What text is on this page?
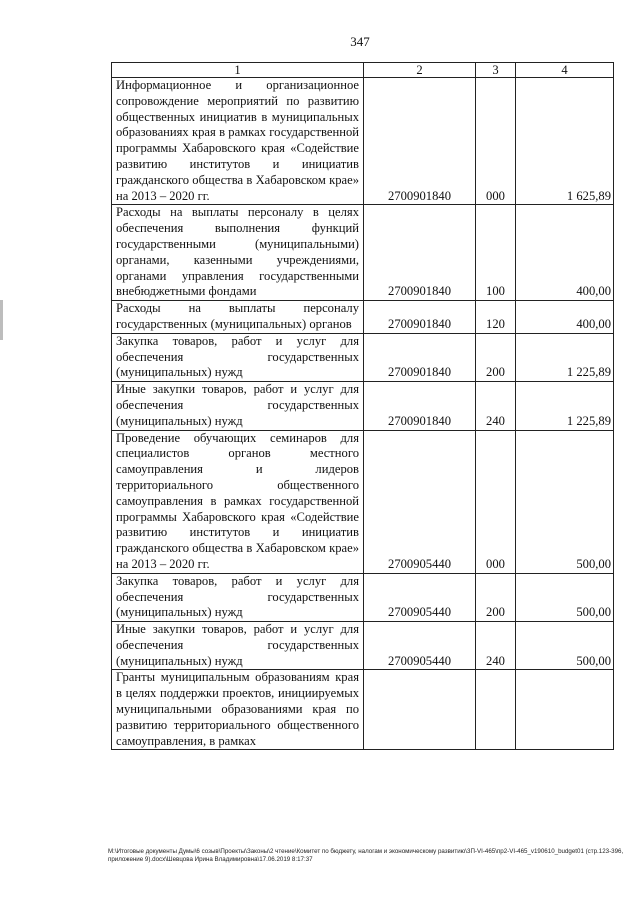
347
1	2	3	4
Информационное и организационное сопровождение мероприятий по развитию общественных инициатив в муниципальных образованиях края в рамках государственной программы Хабаровского края «Содействие развитию институтов и инициатив гражданского общества в Хабаровском крае» на 2013 – 2020 гг.	2700901840	000	1 625,89
Расходы на выплаты персоналу в целях обеспечения выполнения функций государственными (муниципальными) органами, казенными учреждениями, органами управления государственными внебюджетными фондами	2700901840	100	400,00
Расходы на выплаты персоналу государственных (муниципальных) органов	2700901840	120	400,00
Закупка товаров, работ и услуг для обеспечения государственных (муниципальных) нужд	2700901840	200	1 225,89
Иные закупки товаров, работ и услуг для обеспечения государственных (муниципальных) нужд	2700901840	240	1 225,89
Проведение обучающих семинаров для специалистов органов местного самоуправления и лидеров территориального общественного самоуправления в рамках государственной программы Хабаровского края «Содействие развитию институтов и инициатив гражданского общества в Хабаровском крае» на 2013 – 2020 гг.	2700905440	000	500,00
Закупка товаров, работ и услуг для обеспечения государственных (муниципальных) нужд	2700905440	200	500,00
Иные закупки товаров, работ и услуг для обеспечения государственных (муниципальных) нужд	2700905440	240	500,00
Гранты муниципальным образованиям края в целях поддержки проектов, инициируемых муниципальными образованиями края по развитию территориального общественного самоуправления, в рамках			
M:\Итоговые документы Думы\6 созыв\Проекты\Законы\2 чтение\Комитет по бюджету, налогам и экономическому развитию\3П-VI-465\пр2-VI-465_v190610_budget01 (стр.123-396, приложение 9).docx\Шевцова Ирина Владимировна\17.06.2019 8:17:37
